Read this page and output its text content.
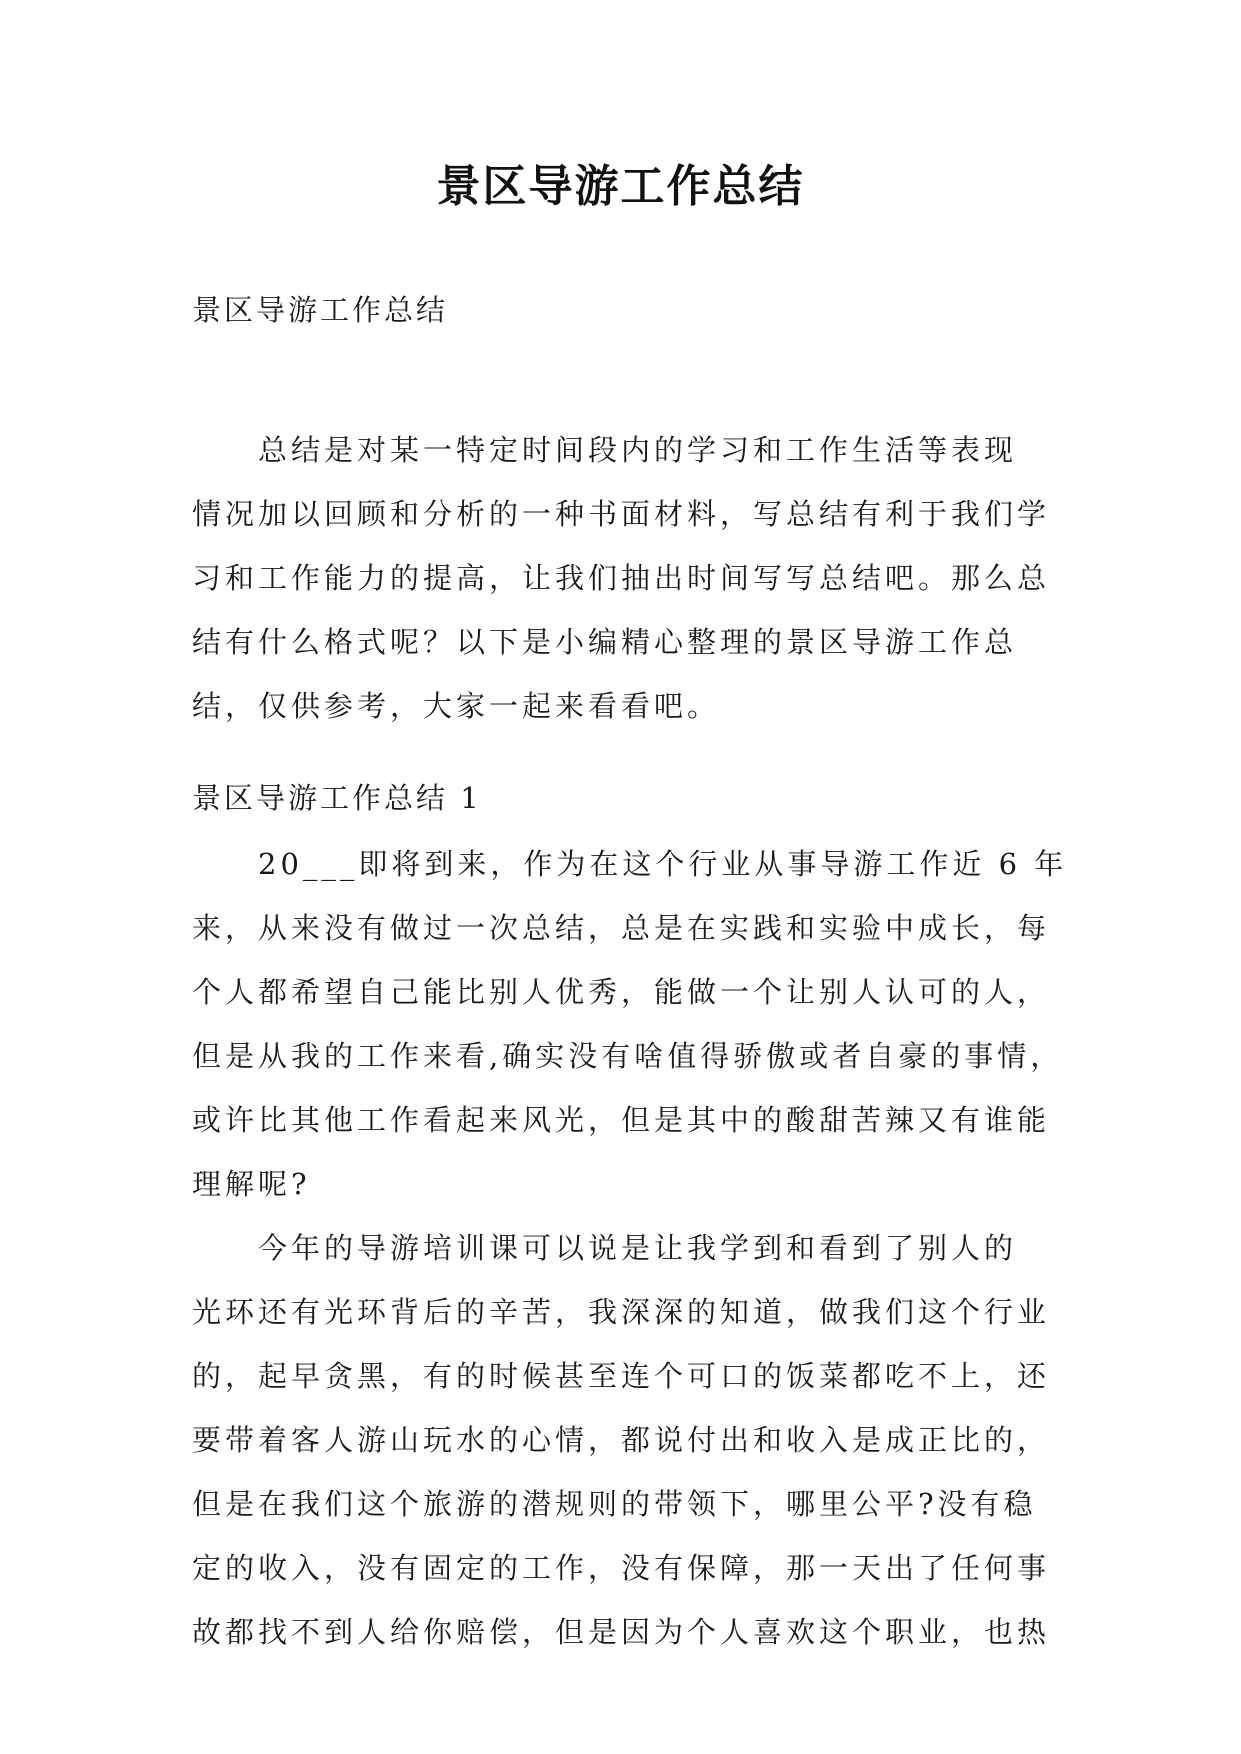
景区导游工作总结
景区导游工作总结

总结是对某一特定时间段内的学习和工作生活等表现
情况加以回顾和分析的一种书面材料，写总结有利于我们学
习和工作能力的提高，让我们抽出时间写写总结吧。那么总
结有什么格式呢？以下是小编精心整理的景区导游工作总
结，仅供参考，大家一起来看看吧。

景区导游工作总结 1

20___即将到来，作为在这个行业从事导游工作近 6 年
来，从来没有做过一次总结，总是在实践和实验中成长，每
个人都希望自己能比别人优秀，能做一个让别人认可的人，
但是从我的工作来看,确实没有啥值得骄傲或者自豪的事情，
或许比其他工作看起来风光，但是其中的酸甜苦辣又有谁能
理解呢?

今年的导游培训课可以说是让我学到和看到了别人的
光环还有光环背后的辛苦，我深深的知道，做我们这个行业
的，起早贪黑，有的时候甚至连个可口的饭菜都吃不上，还
要带着客人游山玩水的心情，都说付出和收入是成正比的，
但是在我们这个旅游的潜规则的带领下，哪里公平?没有稳
定的收入，没有固定的工作，没有保障，那一天出了任何事
故都找不到人给你赔偿，但是因为个人喜欢这个职业，也热
